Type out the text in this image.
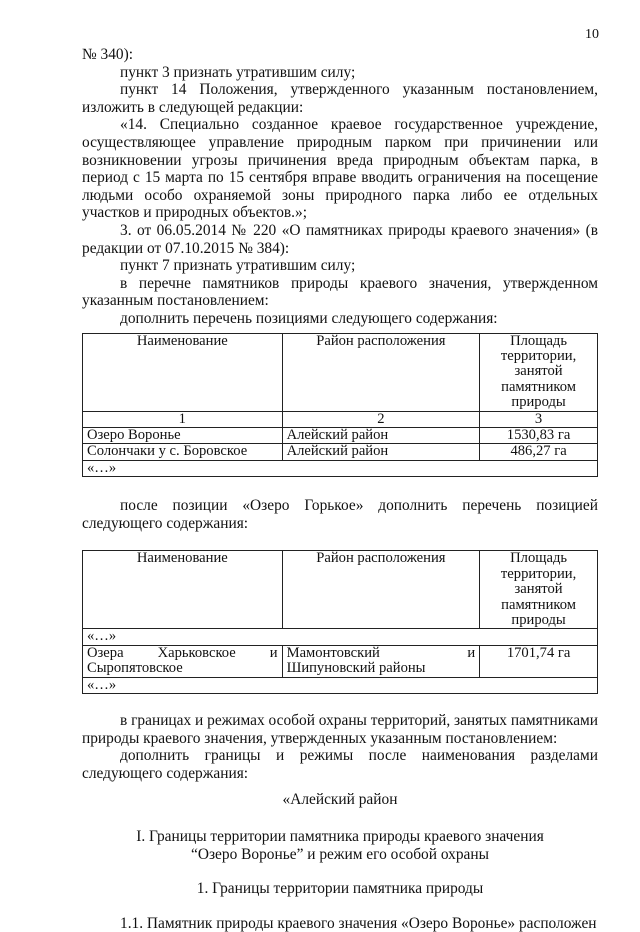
10

№ 340):

пункт 3 признать утратившим силу;

пункт 14 Положения, утвержденного указанным постановлением, изложить в следующей редакции:

«14. Специально созданное краевое государственное учреждение, осуществляющее управление природным парком при причинении или возникновении угрозы причинения вреда природным объектам парка, в период с 15 марта по 15 сентября вправе вводить ограничения на посещение людьми особо охраняемой зоны природного парка либо ее отдельных участков и природных объектов.»;

3. от 06.05.2014 № 220 «О памятниках природы краевого значения» (в редакции от 07.10.2015 № 384):

пункт 7 признать утратившим силу;

в перечне памятников природы краевого значения, утвержденном указанным постановлением:

дополнить перечень позициями следующего содержания:

Наименование	Район расположения	Площадь территории, занятой памятником природы
1	2	3
Озеро Воронье	Алейский район	1530,83 га
Солончаки у с. Боровское	Алейский район	486,27 га
«…»		

после позиции «Озеро Горькое» дополнить перечень позицией следующего содержания:

Наименование	Район расположения	Площадь территории, занятой памятником природы
«…»		
Озера Харьковское и Сыропятовское	Мамонтовский и Шипуновский районы	1701,74 га
«…»		

в границах и режимах особой охраны территорий, занятых памятниками природы краевого значения, утвержденных указанным постановлением:

дополнить границы и режимы после наименования разделами следующего содержания:

«Алейский район

I. Границы территории памятника природы краевого значения

“Озеро Воронье” и режим его особой охраны

1. Границы территории памятника природы

1.1. Памятник природы краевого значения «Озеро Воронье» расположен
